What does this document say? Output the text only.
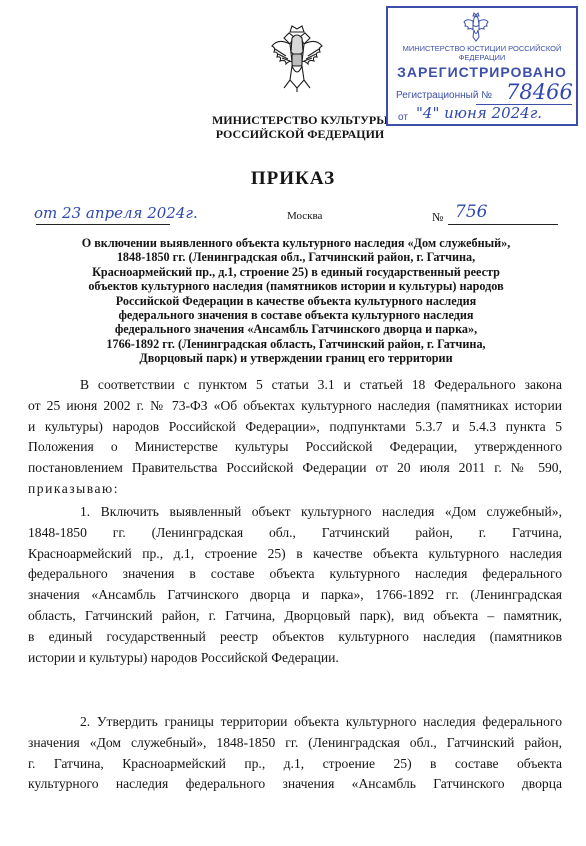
МИНИСТЕРСТВО КУЛЬТУРЫ
РОССИЙСКОЙ ФЕДЕРАЦИИ
МИНИСТЕРСТВО ЮСТИЦИИ РОССИЙСКОЙ ФЕДЕРАЦИИ
ЗАРЕГИСТРИРОВАНО
Регистрационный № 78466
от "4" июня 2024г.
ПРИКАЗ
от 23 апреля 2024г.	Москва	№ 756
О включении выявленного объекта культурного наследия «Дом служебный»,
1848-1850 гг. (Ленинградская обл., Гатчинский район, г. Гатчина,
Красноармейский пр., д.1, строение 25) в единый государственный реестр
объектов культурного наследия (памятников истории и культуры) народов
Российской Федерации в качестве объекта культурного наследия
федерального значения в составе объекта культурного наследия
федерального значения «Ансамбль Гатчинского дворца и парка»,
1766-1892 гг. (Ленинградская область, Гатчинский район, г. Гатчина,
Дворцовый парк) и утверждении границ его территории
В соответствии с пунктом 5 статьи 3.1 и статьей 18 Федерального закона
от 25 июня 2002 г. № 73-ФЗ «Об объектах культурного наследия (памятниках истории
и культуры) народов Российской Федерации», подпунктами 5.3.7 и 5.4.3 пункта 5
Положения о Министерстве культуры Российской Федерации, утвержденного
постановлением Правительства Российской Федерации от 20 июля 2011 г. № 590,
приказываю:
1. Включить выявленный объект культурного наследия «Дом служебный»,
1848-1850 гг. (Ленинградская обл., Гатчинский район, г. Гатчина,
Красноармейский пр., д.1, строение 25) в качестве объекта культурного наследия
федерального значения в составе объекта культурного наследия федерального
значения «Ансамбль Гатчинского дворца и парка», 1766-1892 гг. (Ленинградская
область, Гатчинский район, г. Гатчина, Дворцовый парк), вид объекта – памятник,
в единый государственный реестр объектов культурного наследия (памятников
истории и культуры) народов Российской Федерации.
2. Утвердить границы территории объекта культурного наследия федерального
значения «Дом служебный», 1848-1850 гг. (Ленинградская обл., Гатчинский район,
г. Гатчина, Красноармейский пр., д.1, строение 25) в составе объекта
культурного наследия федерального значения «Ансамбль Гатчинского дворца
